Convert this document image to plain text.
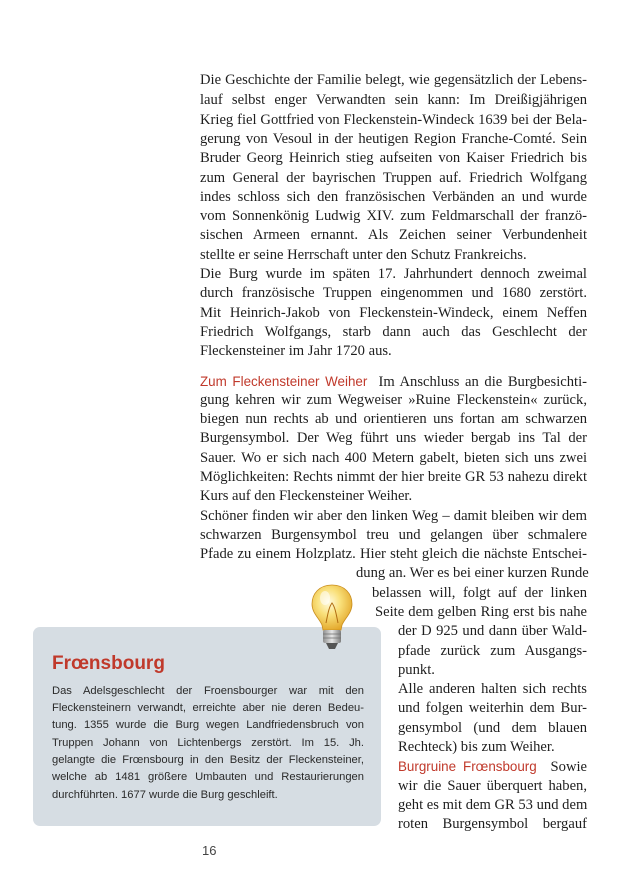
Die Geschichte der Familie belegt, wie gegensätzlich der Lebens-
lauf selbst enger Verwandten sein kann: Im Dreißigjährigen
Krieg fiel Gottfried von Fleckenstein-Windeck 1639 bei der Bela-
gerung von Vesoul in der heutigen Region Franche-Comté. Sein
Bruder Georg Heinrich stieg aufseiten von Kaiser Friedrich bis
zum General der bayrischen Truppen auf. Friedrich Wolfgang
indes schloss sich den französischen Verbänden an und wurde
vom Sonnenkönig Ludwig XIV. zum Feldmarschall der franzö-
sischen Armeen ernannt. Als Zeichen seiner Verbundenheit
stellte er seine Herrschaft unter den Schutz Frankreichs.
Die Burg wurde im späten 17. Jahrhundert dennoch zweimal
durch französische Truppen eingenommen und 1680 zerstört.
Mit Heinrich-Jakob von Fleckenstein-Windeck, einem Neffen
Friedrich Wolfgangs, starb dann auch das Geschlecht der
Fleckensteiner im Jahr 1720 aus.
Zum Fleckensteiner Weiher Im Anschluss an die Burgbesichti-
gung kehren wir zum Wegweiser »Ruine Fleckenstein« zurück,
biegen nun rechts ab und orientieren uns fortan am schwarzen
Burgensymbol. Der Weg führt uns wieder bergab ins Tal der
Sauer. Wo er sich nach 400 Metern gabelt, bieten sich uns zwei
Möglichkeiten: Rechts nimmt der hier breite GR 53 nahezu direkt
Kurs auf den Fleckensteiner Weiher.
Schöner finden wir aber den linken Weg – damit bleiben wir dem
schwarzen Burgensymbol treu und gelangen über schmalere
Pfade zu einem Holzplatz. Hier steht gleich die nächste Entschei-
dung an. Wer es bei einer kurzen Runde
belassen will, folgt auf der linken
Seite dem gelben Ring erst bis nahe
der D 925 und dann über Wald-
pfade zurück zum Ausgangs-
punkt.
Alle anderen halten sich rechts
und folgen weiterhin dem Bur-
gensymbol (und dem blauen
Rechteck) bis zum Weiher.
Burgruine Frœnsbourg Sowie
wir die Sauer überquert haben,
geht es mit dem GR 53 und dem
roten Burgensymbol bergauf
Frœnsbourg
Das Adelsgeschlecht der Froensbourger war mit den
Fleckensteinern verwandt, erreichte aber nie deren Bedeu-
tung. 1355 wurde die Burg wegen Landfriedensbruch von
Truppen Johann von Lichtenbergs zerstört. Im 15. Jh.
gelangte die Frœnsbourg in den Besitz der Fleckensteiner,
welche ab 1481 größere Umbauten und Restaurierungen
durchführten. 1677 wurde die Burg geschleift.
16
